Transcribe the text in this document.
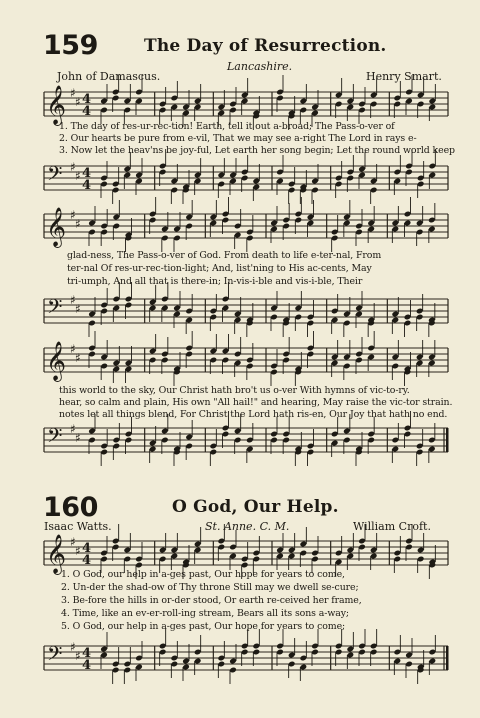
159	The Day of Resurrection.
Lancashire.
John of Damascus.	Henry Smart.
𝄞 ♯
♯ 4
4
1. The day of res-ur-rec-tion! Earth, tell it out a-broad; The Pass-o-ver of
2. Our hearts be pure from e-vil, That we may see a-right The Lord in rays e-
3. Now let the heav'ns be joy-ful, Let earth her song begin; Let the round world keep
𝄢 ♯
♯ 4
4
𝄞 ♯
♯
glad-ness, The Pass-o-ver of God. From death to life e-ter-nal, From
ter-nal Of res-ur-rec-tion-light; And, list'ning to His ac-cents, May
tri-umph, And all that is there-in; In-vis-i-ble and vis-i-ble, Their
𝄢 ♯
♯
𝄞 ♯
♯
this world to the sky, Our Christ hath bro't us o-ver With hymns of vic-to-ry.
hear, so calm and plain, His own "All hail!" and hearing, May raise the vic-tor strain.
notes let all things blend, For Christ the Lord hath ris-en, Our Joy that hath no end.
𝄢 ♯
♯
160	O God, Our Help.
Isaac Watts.	St. Anne. C. M.	William Croft.
𝄞 ♯
♯ 4
4
1. O God, our help in a-ges past, Our hope for years to come,
2. Un-der the shad-ow of Thy throne Still may we dwell se-cure;
3. Be-fore the hills in or-der stood, Or earth re-ceived her frame,
4. Time, like an ev-er-roll-ing stream, Bears all its sons a-way;
5. O God, our help in a-ges past, Our hope for years to come;
𝄢 ♯
♯ 4
4
